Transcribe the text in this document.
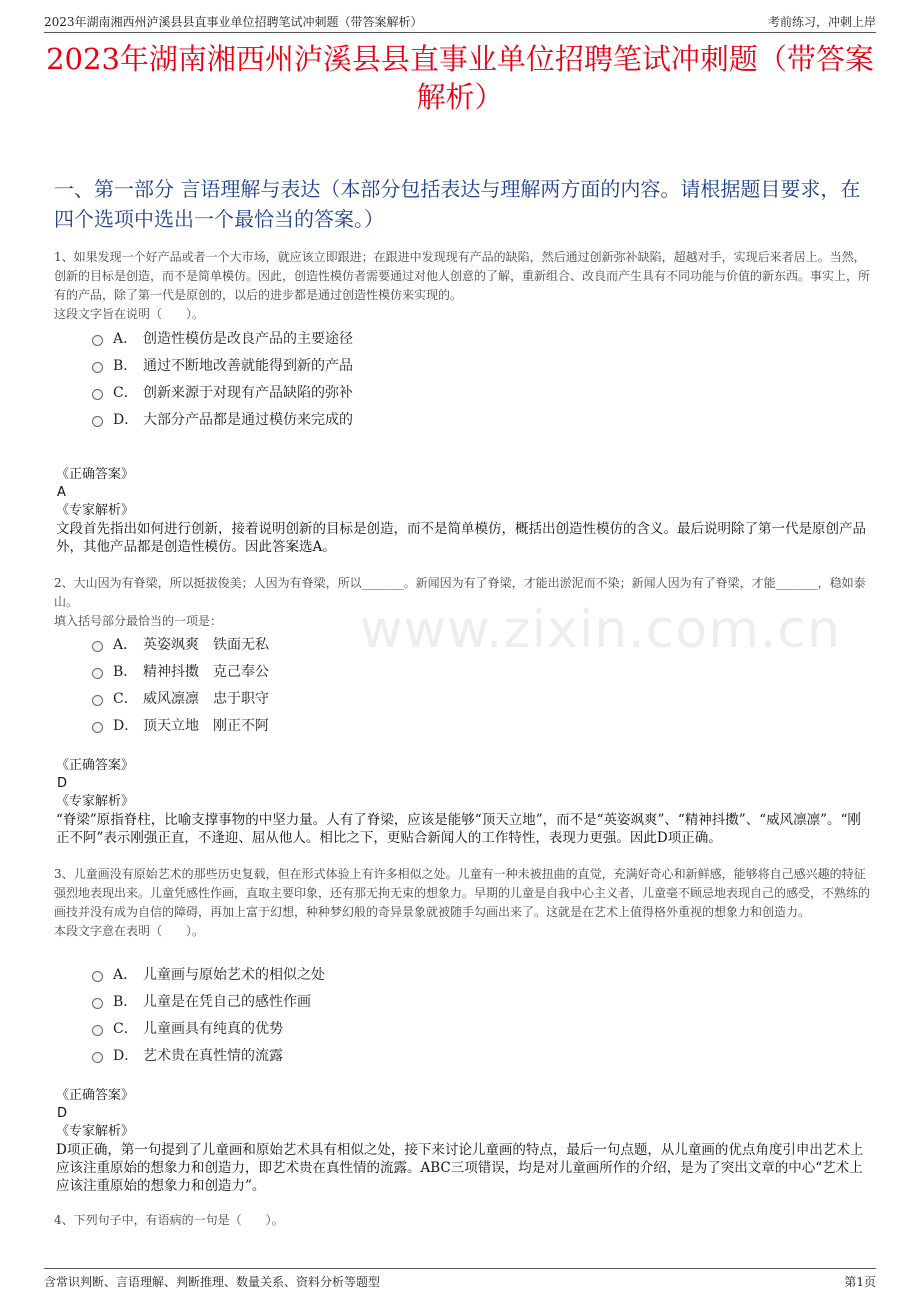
2023年湖南湘西州泸溪县县直事业单位招聘笔试冲刺题（带答案解析）	考前练习，冲刺上岸
2023年湖南湘西州泸溪县县直事业单位招聘笔试冲刺题（带答案解析）
一、第一部分 言语理解与表达（本部分包括表达与理解两方面的内容。请根据题目要求，在四个选项中选出一个最恰当的答案。）
www.zixin.com.cn
1、如果发现一个好产品或者一个大市场，就应该立即跟进；在跟进中发现现有产品的缺陷，然后通过创新弥补缺陷，超越对手，实现后来者居上。当然，创新的目标是创造，而不是简单模仿。因此，创造性模仿者需要通过对他人创意的了解，重新组合、改良而产生具有不同功能与价值的新东西。事实上，所有的产品，除了第一代是原创的，以后的进步都是通过创造性模仿来实现的。
这段文字旨在说明（　　）。
A． 创造性模仿是改良产品的主要途径
B． 通过不断地改善就能得到新的产品
C． 创新来源于对现有产品缺陷的弥补
D． 大部分产品都是通过模仿来完成的
《正确答案》
A
《专家解析》
文段首先指出如何进行创新，接着说明创新的目标是创造，而不是简单模仿，概括出创造性模仿的含义。最后说明除了第一代是原创产品外，其他产品都是创造性模仿。因此答案选A。
2、大山因为有脊梁，所以挺拔俊美；人因为有脊梁，所以_______。新闻因为有了脊梁，才能出淤泥而不染；新闻人因为有了脊梁，才能_______，稳如泰山。
填入括号部分最恰当的一项是：
A． 英姿飒爽　铁面无私
B． 精神抖擞　克己奉公
C． 威风凛凛　忠于职守
D． 顶天立地　刚正不阿
《正确答案》
D
《专家解析》
“脊梁”原指脊柱，比喻支撑事物的中坚力量。人有了脊梁，应该是能够“顶天立地”，而不是“英姿飒爽”、“精神抖擞”、“威风凛凛”。“刚正不阿”表示刚强正直，不逢迎、屈从他人。相比之下，更贴合新闻人的工作特性，表现力更强。因此D项正确。
3、儿童画没有原始艺术的那些历史复载，但在形式体验上有许多相似之处。儿童有一种未被扭曲的直觉，充满好奇心和新鲜感，能够将自己感兴趣的特征强烈地表现出来。儿童凭感性作画，直取主要印象，还有那无拘无束的想象力。早期的儿童是自我中心主义者，儿童毫不顾忌地表现自己的感受，不熟练的画技并没有成为自信的障碍，再加上富于幻想，种种梦幻般的奇异景象就被随手勾画出来了。这就是在艺术上值得格外重视的想象力和创造力。
本段文字意在表明（　　）。
A． 儿童画与原始艺术的相似之处
B． 儿童是在凭自己的感性作画
C． 儿童画具有纯真的优势
D． 艺术贵在真性情的流露
《正确答案》
D
《专家解析》
D项正确，第一句提到了儿童画和原始艺术具有相似之处，接下来讨论儿童画的特点，最后一句点题，从儿童画的优点角度引申出艺术上应该注重原始的想象力和创造力，即艺术贵在真性情的流露。ABC三项错误，均是对儿童画所作的介绍，是为了突出文章的中心“艺术上应该注重原始的想象力和创造力”。
4、下列句子中，有语病的一句是（　　）。
含常识判断、言语理解、判断推理、数量关系、资料分析等题型	第1页
